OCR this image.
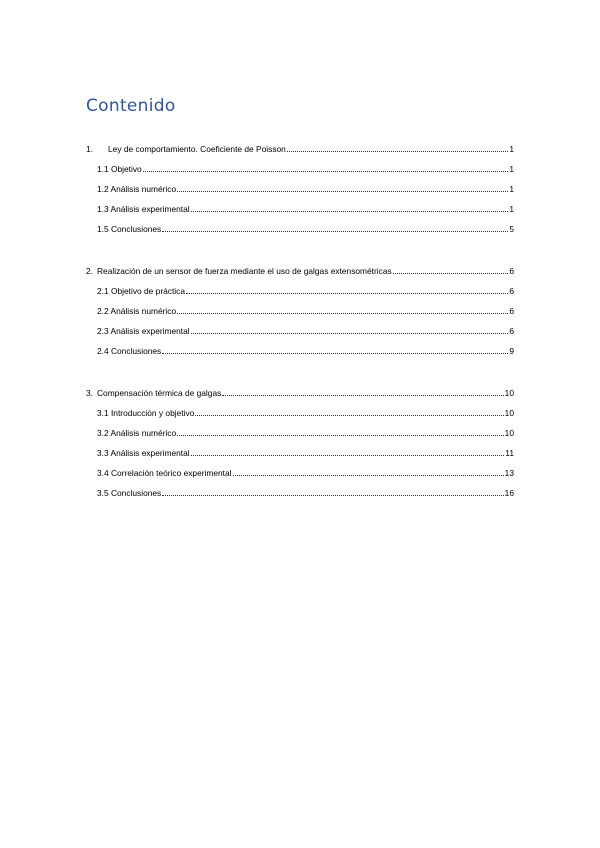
Contenido
1. Ley de comportamiento. Coeficiente de Poisson	1
1.1 Objetivo	1
1.2 Análisis numérico	1
1.3 Análisis experimental	1
1.5 Conclusiones	5
2. Realización de un sensor de fuerza mediante el uso de galgas extensométricas	6
2.1 Objetivo de práctica	6
2.2 Análisis numérico	6
2.3 Análisis experimental	6
2.4 Conclusiones	9
3. Compensación térmica de galgas	10
3.1 Introducción y objetivo	10
3.2 Análisis numérico	10
3.3 Análisis experimental	11
3.4 Correlación teórico experimental	13
3.5 Conclusiones	16
